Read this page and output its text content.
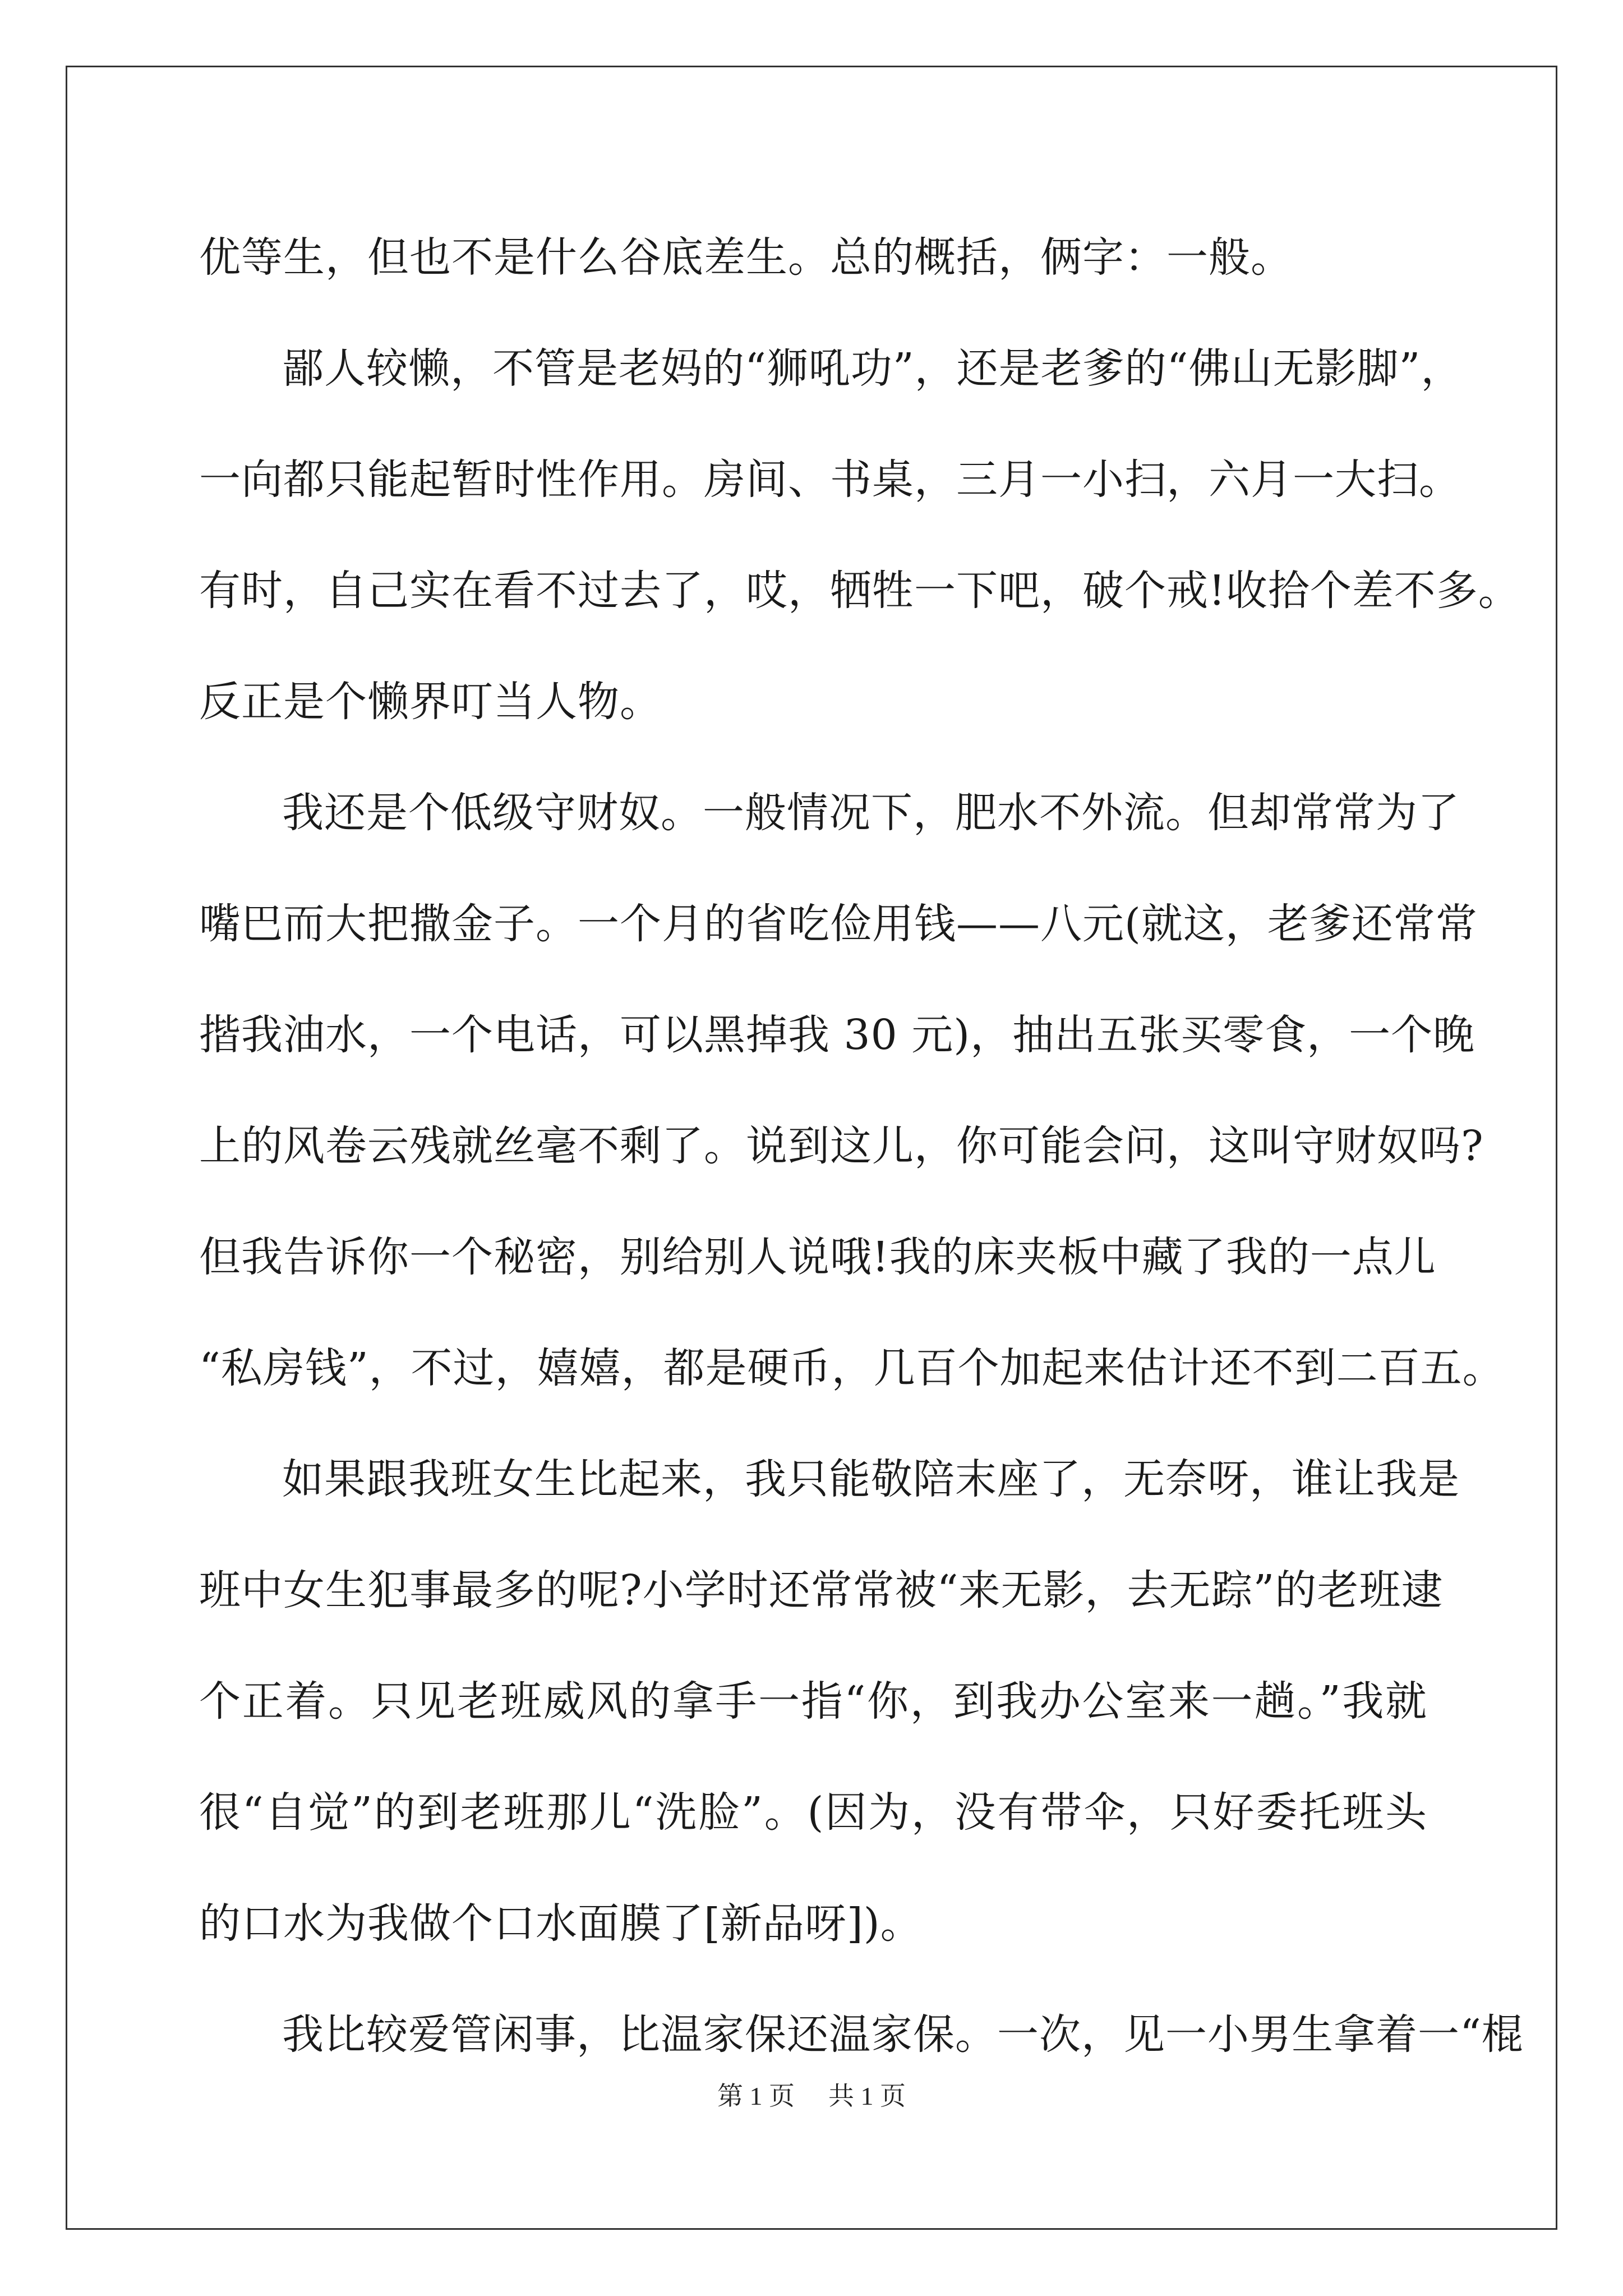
优等生，但也不是什么谷底差生。总的概括，俩字：一般。
鄙人较懒，不管是老妈的“狮吼功”，还是老爹的“佛山无影脚”，
一向都只能起暂时性作用。房间、书桌，三月一小扫，六月一大扫。
有时，自己实在看不过去了，哎，牺牲一下吧，破个戒!收拾个差不多。
反正是个懒界叮当人物。
我还是个低级守财奴。一般情况下，肥水不外流。但却常常为了
嘴巴而大把撒金子。一个月的省吃俭用钱——八元(就这，老爹还常常
揩我油水，一个电话，可以黑掉我 30 元)，抽出五张买零食，一个晚
上的风卷云残就丝毫不剩了。说到这儿，你可能会问，这叫守财奴吗?
但我告诉你一个秘密，别给别人说哦!我的床夹板中藏了我的一点儿
“私房钱”，不过，嬉嬉，都是硬币，几百个加起来估计还不到二百五。
如果跟我班女生比起来，我只能敬陪末座了，无奈呀，谁让我是
班中女生犯事最多的呢?小学时还常常被“来无影，去无踪”的老班逮
个正着。只见老班威风的拿手一指“你，到我办公室来一趟。”我就
很“自觉”的到老班那儿“洗脸”。(因为，没有带伞，只好委托班头
的口水为我做个口水面膜了[新品呀])。
我比较爱管闲事，比温家保还温家保。一次，见一小男生拿着一“棍
第 1 页 共 1 页
